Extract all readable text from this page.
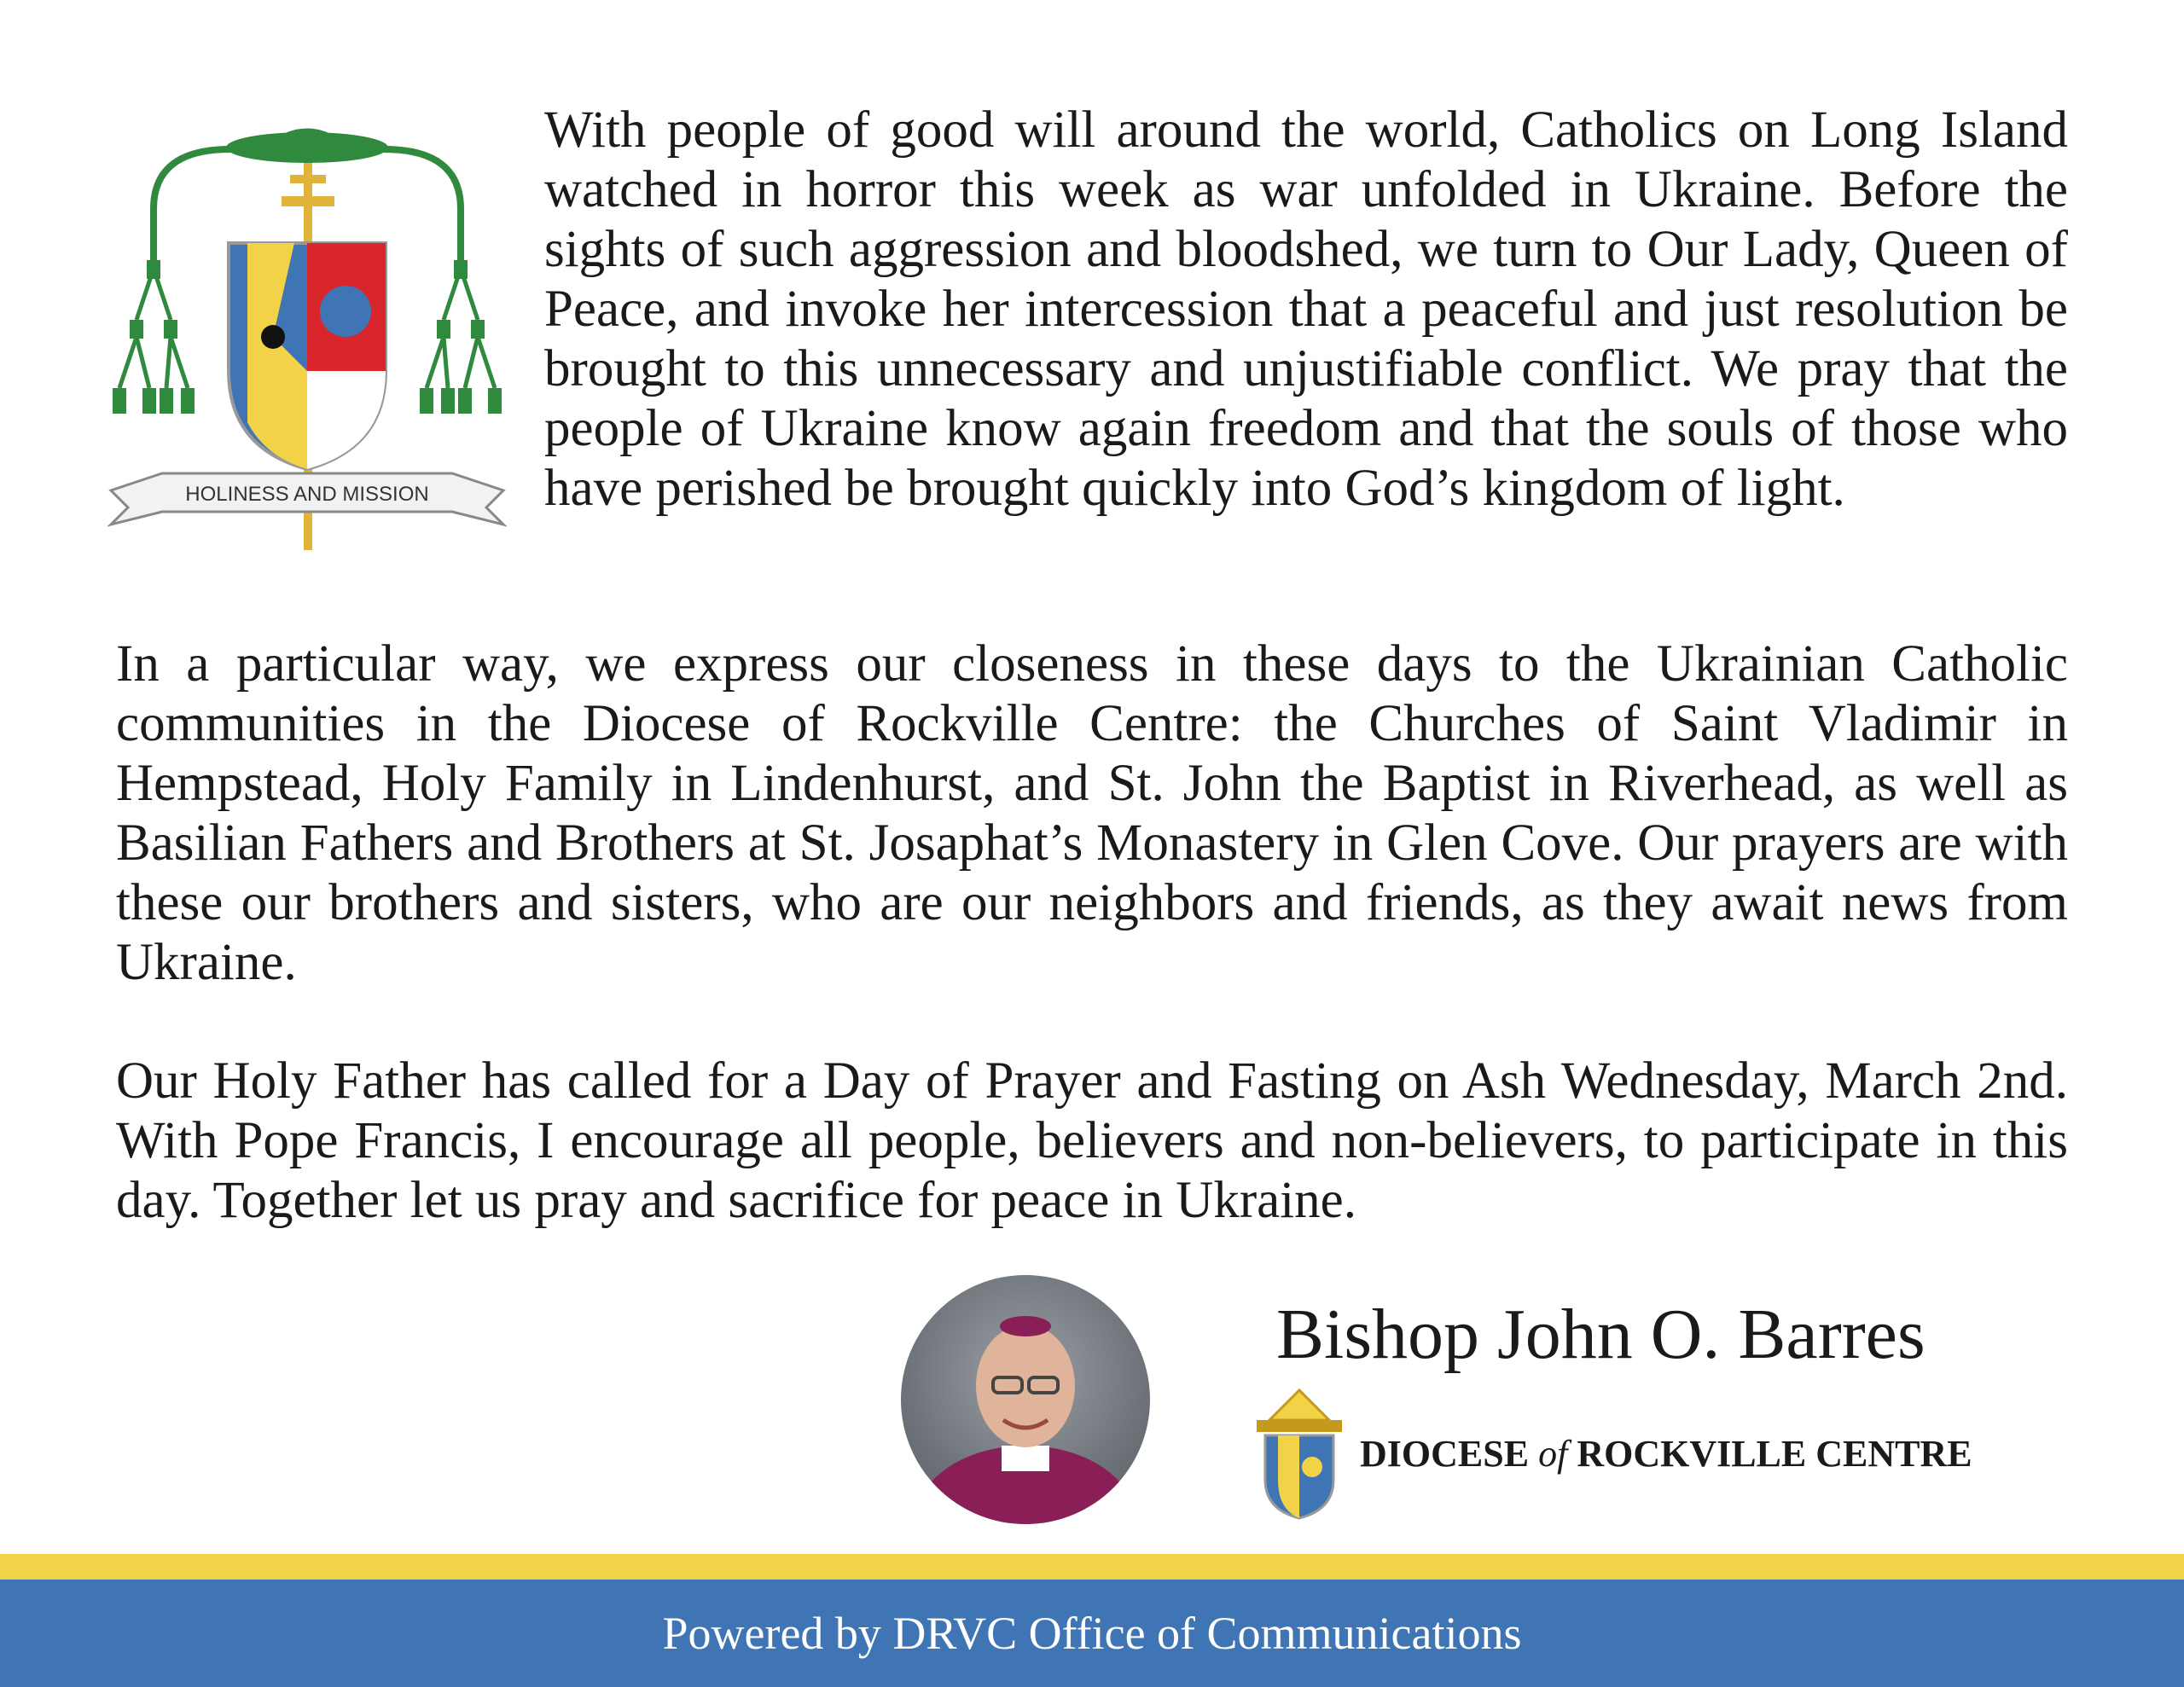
HOLINESS AND MISSION

With people of good will around the world, Catholics on Long Island watched in horror this week as war unfolded in Ukraine. Before the sights of such aggression and bloodshed, we turn to Our Lady, Queen of Peace, and invoke her intercession that a peaceful and just resolution be brought to this unnecessary and unjustifiable conflict. We pray that the people of Ukraine know again freedom and that the souls of those who have perished be brought quickly into God’s kingdom of light.

In a particular way, we express our closeness in these days to the Ukrainian Catholic communities in the Diocese of Rockville Centre: the Churches of Saint Vladimir in Hempstead, Holy Family in Lindenhurst, and St. John the Baptist in Riverhead, as well as Basilian Fathers and Brothers at St. Josaphat’s Monastery in Glen Cove. Our prayers are with these our brothers and sisters, who are our neighbors and friends, as they await news from Ukraine.

Our Holy Father has called for a Day of Prayer and Fasting on Ash Wednesday, March 2nd. With Pope Francis, I encourage all people, believers and non-believers, to participate in this day. Together let us pray and sacrifice for peace in Ukraine.

Bishop John O. Barres
DIOCESE of ROCKVILLE CENTRE
Powered by DRVC Office of Communications
